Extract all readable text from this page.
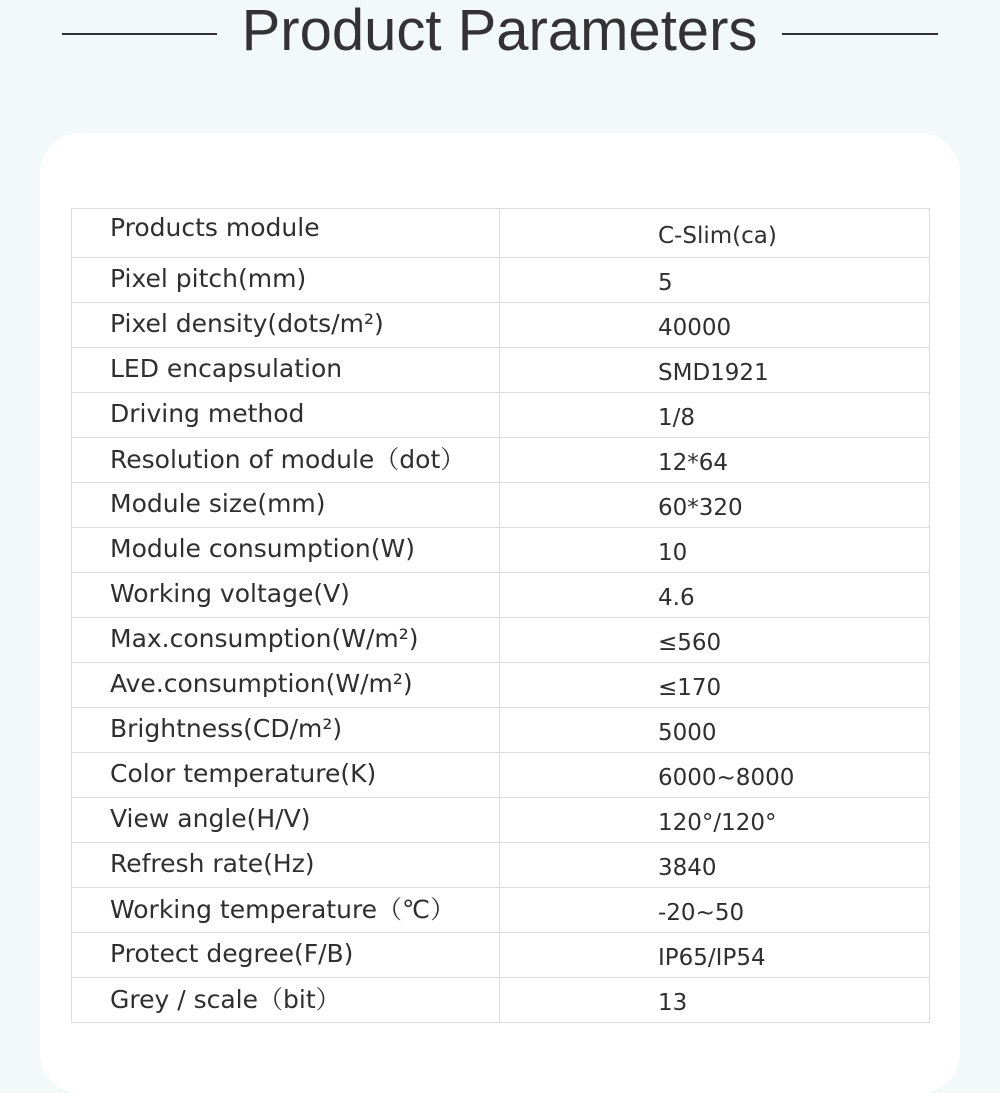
Product Parameters
Products module	C-Slim(ca)
Pixel pitch(mm)	5
Pixel density(dots/m²)	40000
LED encapsulation	SMD1921
Driving method	1/8
Resolution of module（dot）	12*64
Module size(mm)	60*320
Module consumption(W)	10
Working voltage(V)	4.6
Max.consumption(W/m²)	≤560
Ave.consumption(W/m²)	≤170
Brightness(CD/m²)	5000
Color temperature(K)	6000~8000
View angle(H/V)	120°/120°
Refresh rate(Hz)	3840
Working temperature（℃）	-20~50
Protect degree(F/B)	IP65/IP54
Grey / scale（bit）	13
